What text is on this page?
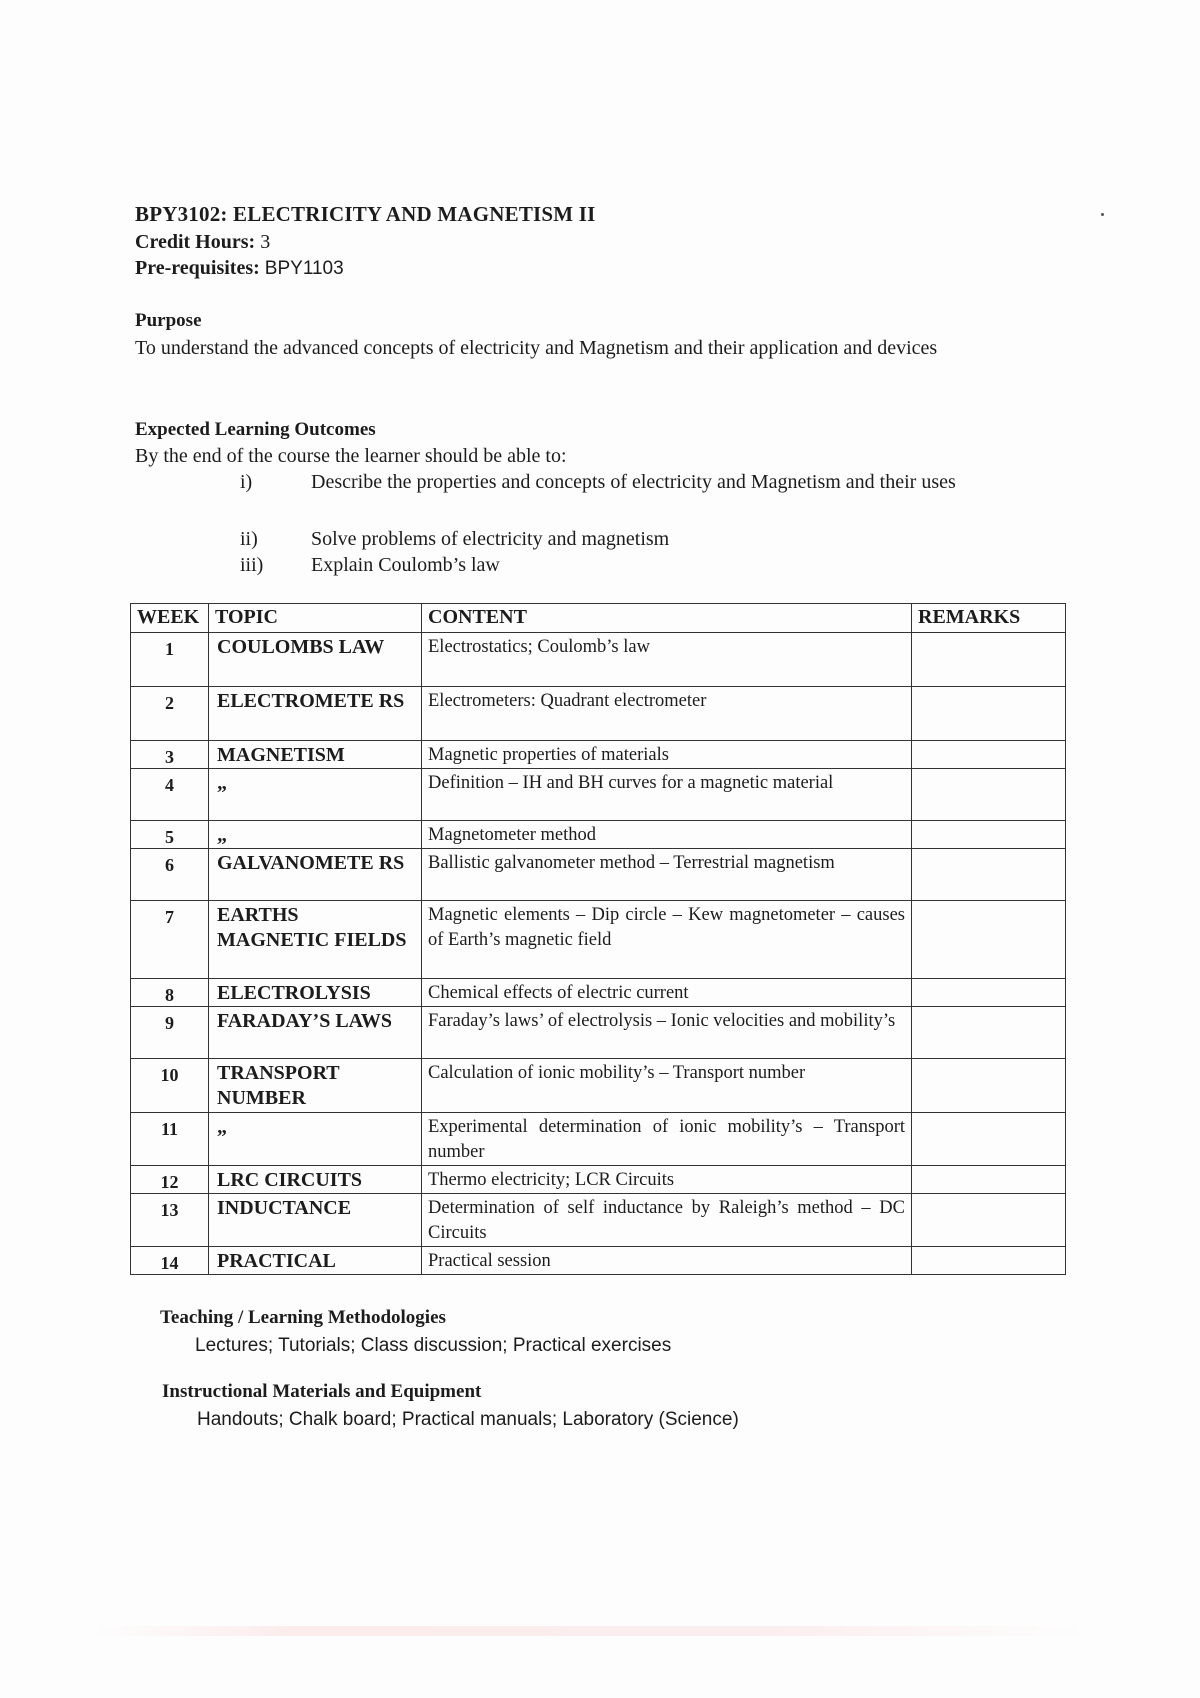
BPY3102: ELECTRICITY AND MAGNETISM II
Credit Hours: 3
Pre-requisites: BPY1103
Purpose
To understand the advanced concepts of electricity and Magnetism and their application and devices
Expected Learning Outcomes
By the end of the course the learner should be able to:
i)	Describe the properties and concepts of electricity and Magnetism and their uses
ii)	Solve problems of electricity and magnetism
iii)	Explain Coulomb’s law
WEEK	TOPIC	CONTENT	REMARKS
1	COULOMBS LAW	Electrostatics; Coulomb’s law	
2	ELECTROMETE RS	Electrometers: Quadrant electrometer	
3	MAGNETISM	Magnetic properties of materials	
4	„	Definition – IH and BH curves for a magnetic material	
5	„	Magnetometer method	
6	GALVANOMETE RS	Ballistic galvanometer method – Terrestrial magnetism	
7	EARTHS MAGNETIC FIELDS	Magnetic elements – Dip circle – Kew magnetometer – causes of Earth’s magnetic field	
8	ELECTROLYSIS	Chemical effects of electric current	
9	FARADAY’S LAWS	Faraday’s laws’ of electrolysis – Ionic velocities and mobility’s	
10	TRANSPORT NUMBER	Calculation of ionic mobility’s – Transport number	
11	„	Experimental determination of ionic mobility’s – Transport number	
12	LRC CIRCUITS	Thermo electricity; LCR Circuits	
13	INDUCTANCE	Determination of self inductance by Raleigh’s method – DC Circuits	
14	PRACTICAL	Practical session	
Teaching / Learning Methodologies
Lectures; Tutorials; Class discussion; Practical exercises
Instructional Materials and Equipment
Handouts; Chalk board; Practical manuals; Laboratory (Science)
